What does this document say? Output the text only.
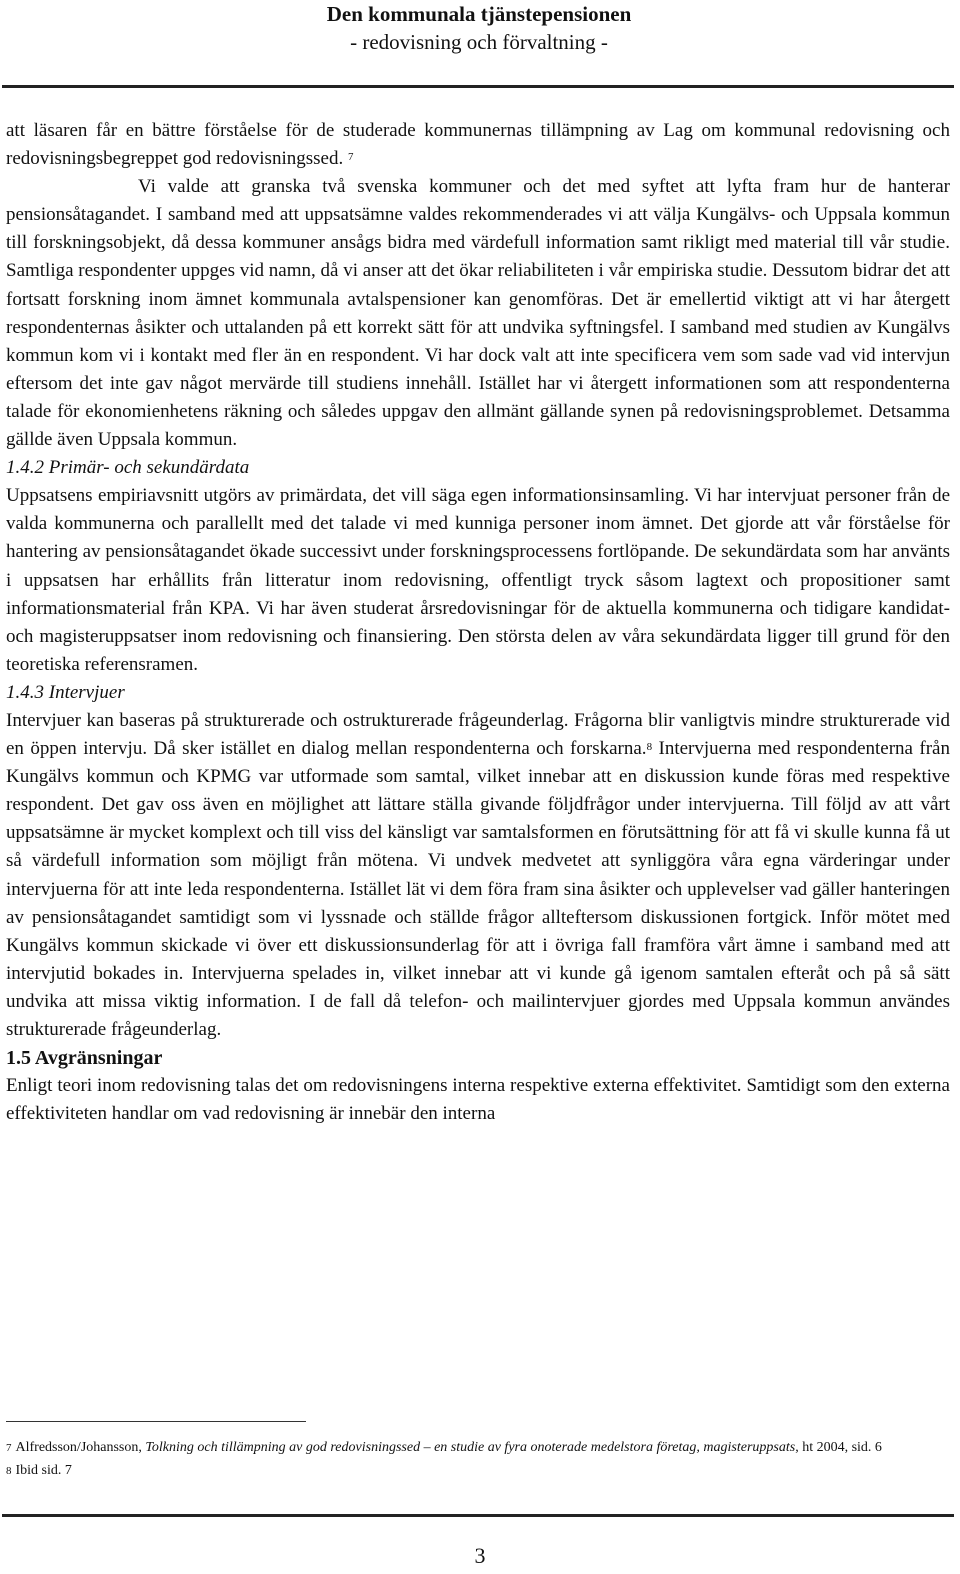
Den kommunala tjänstepensionen
- redovisning och förvaltning -

att läsaren får en bättre förståelse för de studerade kommunernas tillämpning av Lag om kommunal redovisning och redovisningsbegreppet god redovisningssed. $^7$

Vi valde att granska två svenska kommuner och det med syftet att lyfta fram hur de hanterar pensionsåtagandet. I samband med att uppsatsämne valdes rekommenderades vi att välja Kungälvs- och Uppsala kommun till forskningsobjekt, då dessa kommuner ansågs bidra med värdefull information samt rikligt med material till vår studie. Samtliga respondenter uppges vid namn, då vi anser att det ökar reliabiliteten i vår empiriska studie. Dessutom bidrar det att fortsatt forskning inom ämnet kommunala avtalspensioner kan genomföras. Det är emellertid viktigt att vi har återgett respondenternas åsikter och uttalanden på ett korrekt sätt för att undvika syftningsfel. I samband med studien av Kungälvs kommun kom vi i kontakt med fler än en respondent. Vi har dock valt att inte specificera vem som sade vad vid intervjun eftersom det inte gav något mervärde till studiens innehåll. Istället har vi återgett informationen som att respondenterna talade för ekonomienhetens räkning och således uppgav den allmänt gällande synen på redovisningsproblemet. Detsamma gällde även Uppsala kommun.

1.4.2 Primär- och sekundärdata

Uppsatsens empiriavsnitt utgörs av primärdata, det vill säga egen informationsinsamling. Vi har intervjuat personer från de valda kommunerna och parallellt med det talade vi med kunniga personer inom ämnet. Det gjorde att vår förståelse för hantering av pensionsåtagandet ökade successivt under forskningsprocessens fortlöpande. De sekundärdata som har använts i uppsatsen har erhållits från litteratur inom redovisning, offentligt tryck såsom lagtext och propositioner samt informationsmaterial från KPA. Vi har även studerat årsredovisningar för de aktuella kommunerna och tidigare kandidat- och magisteruppsatser inom redovisning och finansiering. Den största delen av våra sekundärdata ligger till grund för den teoretiska referensramen.

1.4.3 Intervjuer

Intervjuer kan baseras på strukturerade och ostrukturerade frågeunderlag. Frågorna blir vanligtvis mindre strukturerade vid en öppen intervju. Då sker istället en dialog mellan respondenterna och forskarna.$^8$ Intervjuerna med respondenterna från Kungälvs kommun och KPMG var utformade som samtal, vilket innebar att en diskussion kunde föras med respektive respondent. Det gav oss även en möjlighet att lättare ställa givande följdfrågor under intervjuerna. Till följd av att vårt uppsatsämne är mycket komplext och till viss del känsligt var samtalsformen en förutsättning för att få vi skulle kunna få ut så värdefull information som möjligt från mötena. Vi undvek medvetet att synliggöra våra egna värderingar under intervjuerna för att inte leda respondenterna. Istället lät vi dem föra fram sina åsikter och upplevelser vad gäller hanteringen av pensionsåtagandet samtidigt som vi lyssnade och ställde frågor allteftersom diskussionen fortgick. Inför mötet med Kungälvs kommun skickade vi över ett diskussionsunderlag för att i övriga fall framföra vårt ämne i samband med att intervjutid bokades in. Intervjuerna spelades in, vilket innebar att vi kunde gå igenom samtalen efteråt och på så sätt undvika att missa viktig information. I de fall då telefon- och mailintervjuer gjordes med Uppsala kommun användes strukturerade frågeunderlag.

1.5 Avgränsningar

Enligt teori inom redovisning talas det om redovisningens interna respektive externa effektivitet. Samtidigt som den externa effektiviteten handlar om vad redovisning är innebär den interna

$^7$ Alfredsson/Johansson, Tolkning och tillämpning av god redovisningssed – en studie av fyra onoterade medelstora företag, magisteruppsats, ht 2004, sid. 6
$^8$ Ibid sid. 7
3
